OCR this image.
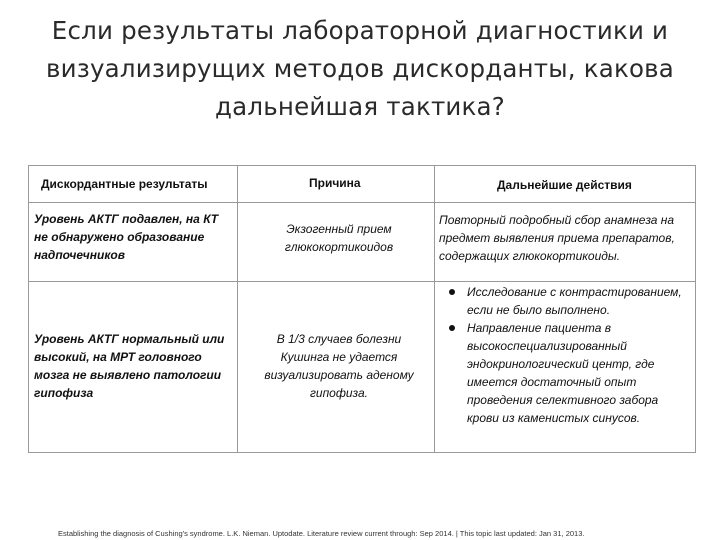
Если результаты лабораторной диагностики и
визуализирущих методов дискорданты, какова
дальнейшая тактика?
Дискордантные результаты	Причина	Дальнейшие действия
Уровень АКТГ подавлен, на КТ не обнаружено образование надпочечников
Экзогенный прием глюкокортикоидов
Повторный подробный сбор анамнеза на предмет выявления приема препаратов, содержащих глюкокортикоиды.
Уровень АКТГ нормальный или высокий, на МРТ головного мозга не выявлено патологии гипофиза
В 1/3 случаев болезни Кушинга не удается визуализировать аденому гипофиза.
Исследование с контрастированием, если не было выполнено.
Направление пациента в высокоспециализированный эндокринологический центр, где имеется достаточный опыт проведения селективного забора крови из каменистых синусов.
Establishing the diagnosis of Cushing's syndrome. L.K. Nieman. Uptodate. Literature review current through: Sep 2014. | This topic last updated: Jan 31, 2013.
